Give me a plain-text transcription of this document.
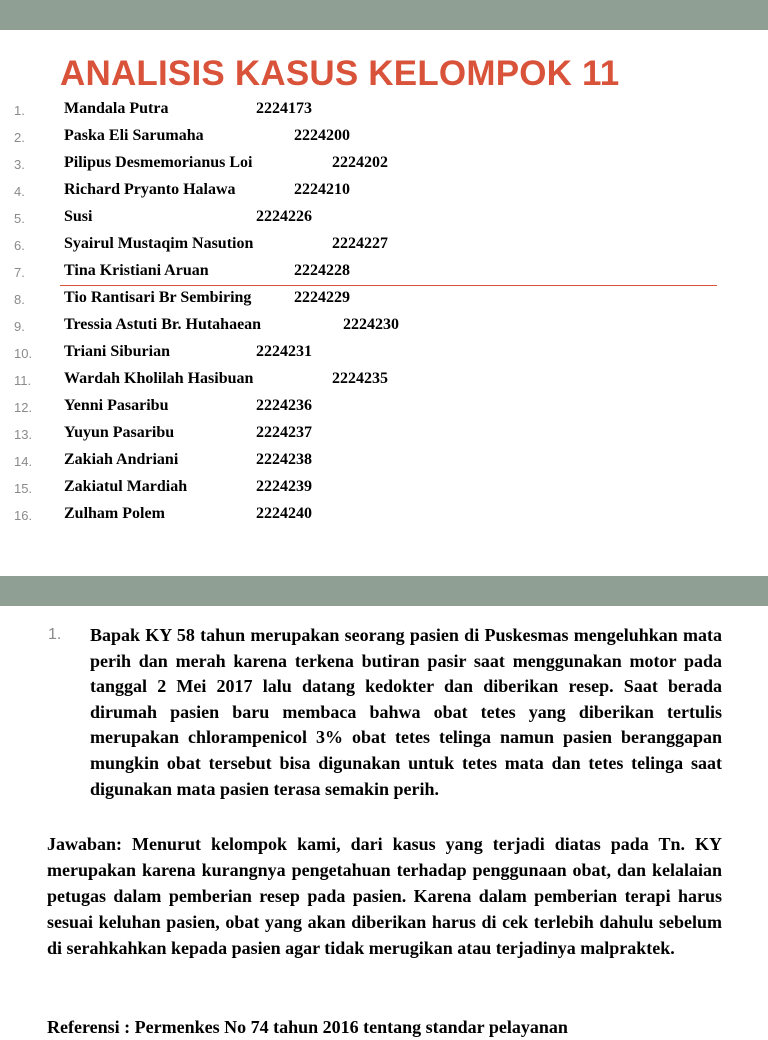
ANALISIS KASUS KELOMPOK 11
1.	Mandala Putra	2224173
2.	Paska Eli Sarumaha	2224200
3.	Pilipus Desmemorianus Loi	2224202
4.	Richard Pryanto Halawa	2224210
5.	Susi	2224226
6.	Syairul Mustaqim Nasution	2224227
7.	Tina Kristiani Aruan	2224228
8.	Tio Rantisari Br Sembiring	2224229
9.	Tressia Astuti Br. Hutahaean	2224230
10.	Triani Siburian	2224231
11.	Wardah Kholilah Hasibuan	2224235
12.	Yenni Pasaribu	2224236
13.	Yuyun Pasaribu	2224237
14.	Zakiah Andriani	2224238
15.	Zakiatul Mardiah	2224239
16.	Zulham Polem	2224240
1. Bapak KY 58 tahun merupakan seorang pasien di Puskesmas mengeluhkan mata perih dan merah karena terkena butiran pasir saat menggunakan motor pada tanggal 2 Mei 2017 lalu datang kedokter dan diberikan resep. Saat berada dirumah pasien baru membaca bahwa obat tetes yang diberikan tertulis merupakan chlorampenicol 3% obat tetes telinga namun pasien beranggapan mungkin obat tersebut bisa digunakan untuk tetes mata dan tetes telinga saat digunakan mata pasien terasa semakin perih.

Jawaban: Menurut kelompok kami, dari kasus yang terjadi diatas pada Tn. KY merupakan karena kurangnya pengetahuan terhadap penggunaan obat, dan kelalaian petugas dalam pemberian resep pada pasien. Karena dalam pemberian terapi harus sesuai keluhan pasien, obat yang akan diberikan harus di cek terlebih dahulu sebelum di serahkahkan kepada pasien agar tidak merugikan atau terjadinya malpraktek.

Referensi : Permenkes No 74 tahun 2016 tentang standar pelayanan
